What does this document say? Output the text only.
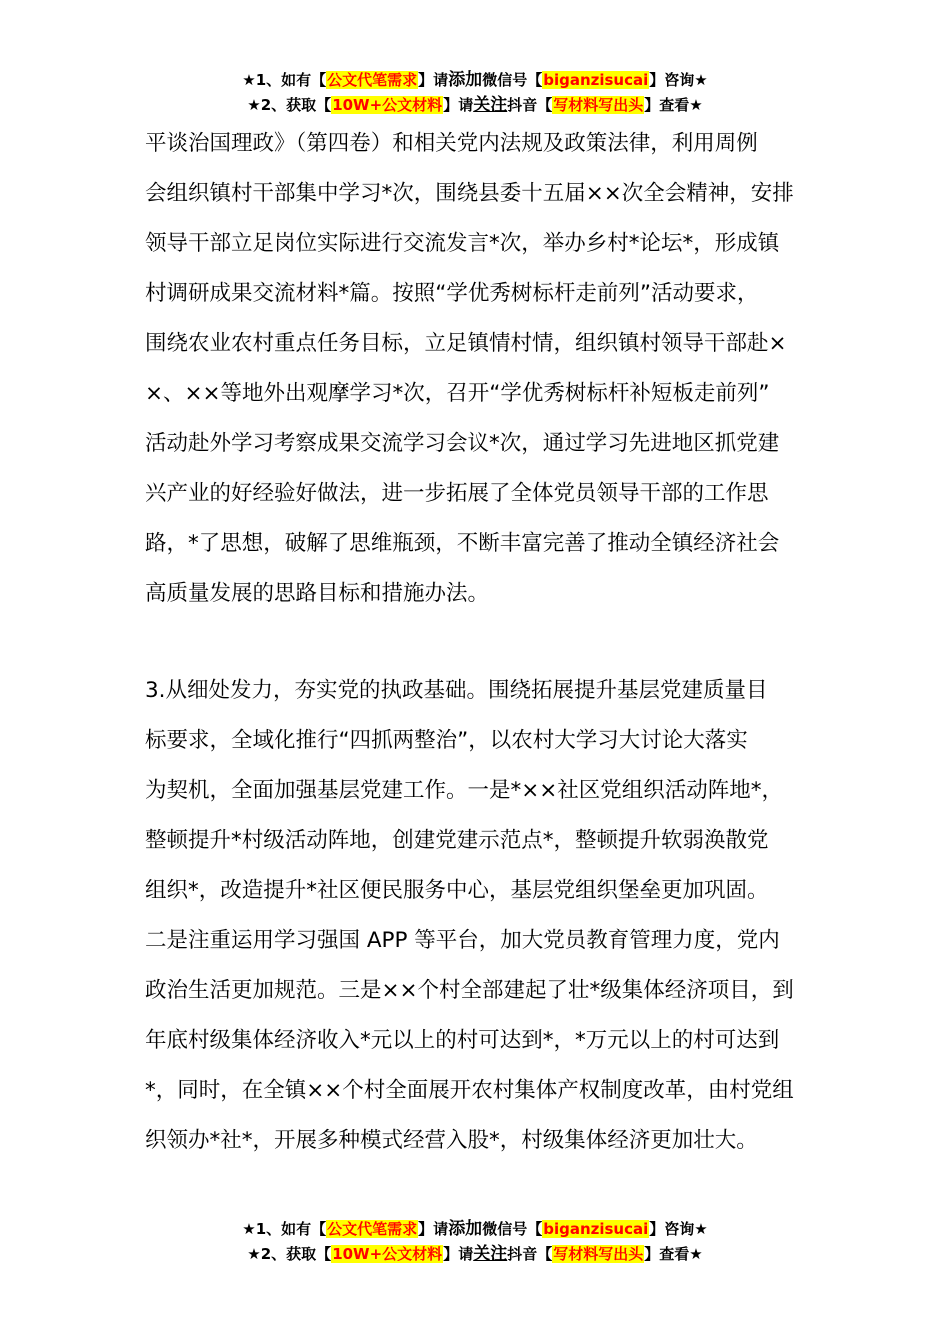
★1、如有【公文代笔需求】请添加微信号【biganzisucai】咨询★
★2、获取【10W+公文材料】请关注抖音【写材料写出头】查看★
平谈治国理政》（第四卷）和相关党内法规及政策法律，利用周例
会组织镇村干部集中学习*次，围绕县委十五届××次全会精神，安排
领导干部立足岗位实际进行交流发言*次，举办乡村*论坛*，形成镇
村调研成果交流材料*篇。按照“学优秀树标杆走前列”活动要求，
围绕农业农村重点任务目标，立足镇情村情，组织镇村领导干部赴×
×、××等地外出观摩学习*次，召开“学优秀树标杆补短板走前列”
活动赴外学习考察成果交流学习会议*次，通过学习先进地区抓党建
兴产业的好经验好做法，进一步拓展了全体党员领导干部的工作思
路，*了思想，破解了思维瓶颈，不断丰富完善了推动全镇经济社会
高质量发展的思路目标和措施办法。
3.从细处发力，夯实党的执政基础。围绕拓展提升基层党建质量目
标要求，全域化推行“四抓两整治”，以农村大学习大讨论大落实
为契机，全面加强基层党建工作。一是*××社区党组织活动阵地*，
整顿提升*村级活动阵地，创建党建示范点*，整顿提升软弱涣散党
组织*，改造提升*社区便民服务中心，基层党组织堡垒更加巩固。
二是注重运用学习强国 APP 等平台，加大党员教育管理力度，党内
政治生活更加规范。三是××个村全部建起了壮*级集体经济项目，到
年底村级集体经济收入*元以上的村可达到*，*万元以上的村可达到
*，同时，在全镇××个村全面展开农村集体产权制度改革，由村党组
织领办*社*，开展多种模式经营入股*，村级集体经济更加壮大。
★1、如有【公文代笔需求】请添加微信号【biganzisucai】咨询★
★2、获取【10W+公文材料】请关注抖音【写材料写出头】查看★
